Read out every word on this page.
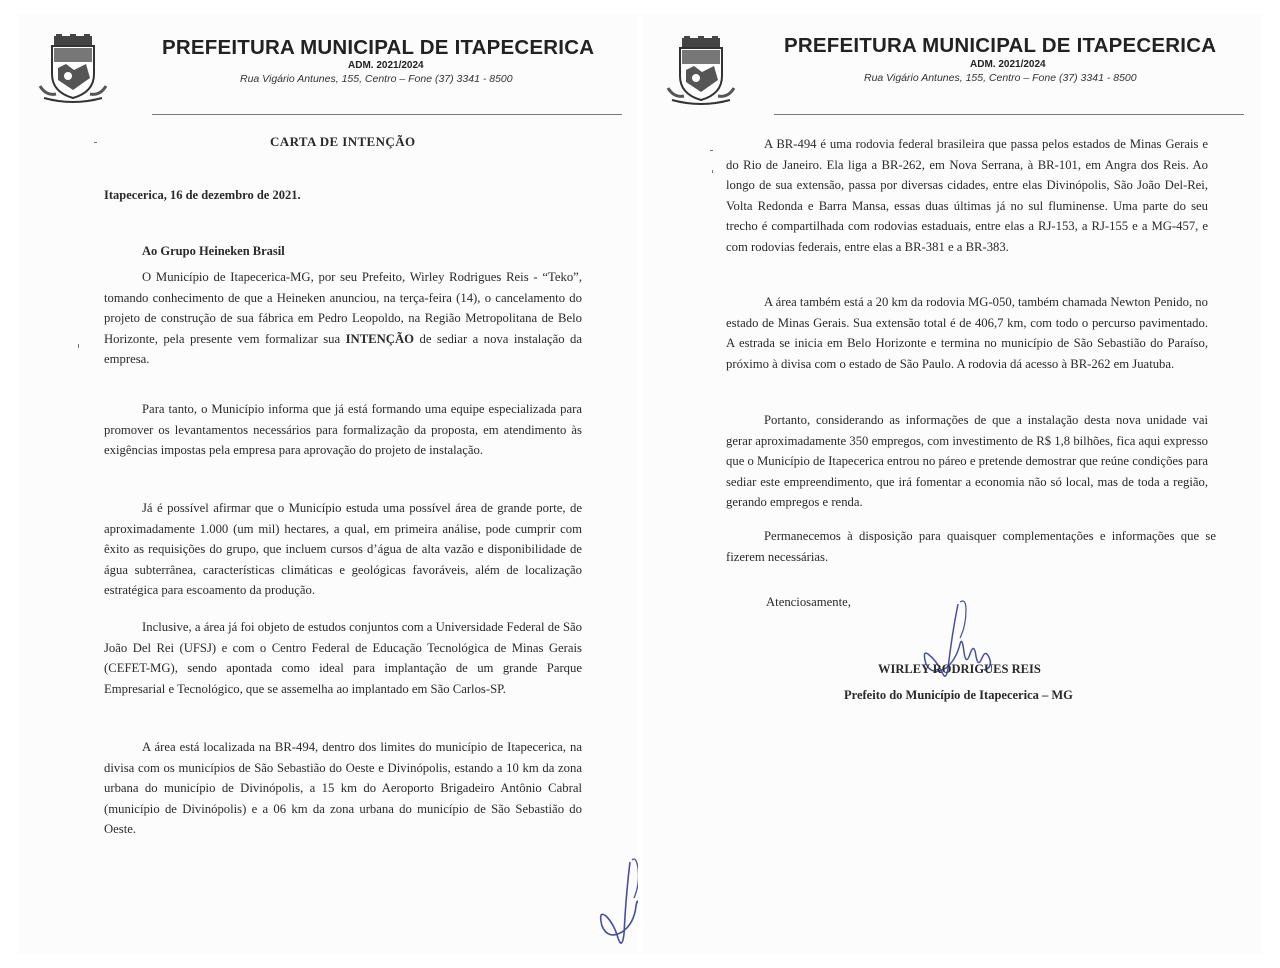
PREFEITURA MUNICIPAL DE ITAPECERICA
ADM. 2021/2024
Rua Vigário Antunes, 155, Centro – Fone (37) 3341 - 8500
CARTA DE INTENÇÃO
Itapecerica, 16 de dezembro de 2021.
Ao Grupo Heineken Brasil

O Município de Itapecerica-MG, por seu Prefeito, Wirley Rodrigues Reis - “Teko”, tomando conhecimento de que a Heineken anunciou, na terça-feira (14), o cancelamento do projeto de construção de sua fábrica em Pedro Leopoldo, na Região Metropolitana de Belo Horizonte, pela presente vem formalizar sua INTENÇÃO de sediar a nova instalação da empresa.

Para tanto, o Município informa que já está formando uma equipe especializada para promover os levantamentos necessários para formalização da proposta, em atendimento às exigências impostas pela empresa para aprovação do projeto de instalação.

Já é possível afirmar que o Município estuda uma possível área de grande porte, de aproximadamente 1.000 (um mil) hectares, a qual, em primeira análise, pode cumprir com êxito as requisições do grupo, que incluem cursos d’água de alta vazão e disponibilidade de água subterrânea, características climáticas e geológicas favoráveis, além de localização estratégica para escoamento da produção.

Inclusive, a área já foi objeto de estudos conjuntos com a Universidade Federal de São João Del Rei (UFSJ) e com o Centro Federal de Educação Tecnológica de Minas Gerais (CEFET-MG), sendo apontada como ideal para implantação de um grande Parque Empresarial e Tecnológico, que se assemelha ao implantado em São Carlos-SP.

A área está localizada na BR-494, dentro dos limites do município de Itapecerica, na divisa com os municípios de São Sebastião do Oeste e Divinópolis, estando a 10 km da zona urbana do município de Divinópolis, a 15 km do Aeroporto Brigadeiro Antônio Cabral (município de Divinópolis) e a 06 km da zona urbana do município de São Sebastião do Oeste.

PREFEITURA MUNICIPAL DE ITAPECERICA
ADM. 2021/2024
Rua Vigário Antunes, 155, Centro – Fone (37) 3341 - 8500

A BR-494 é uma rodovia federal brasileira que passa pelos estados de Minas Gerais e do Rio de Janeiro. Ela liga a BR-262, em Nova Serrana, à BR-101, em Angra dos Reis. Ao longo de sua extensão, passa por diversas cidades, entre elas Divinópolis, São João Del-Rei, Volta Redonda e Barra Mansa, essas duas últimas já no sul fluminense. Uma parte do seu trecho é compartilhada com rodovias estaduais, entre elas a RJ-153, a RJ-155 e a MG-457, e com rodovias federais, entre elas a BR-381 e a BR-383.

A área também está a 20 km da rodovia MG-050, também chamada Newton Penido, no estado de Minas Gerais. Sua extensão total é de 406,7 km, com todo o percurso pavimentado. A estrada se inicia em Belo Horizonte e termina no município de São Sebastião do Paraíso, próximo à divisa com o estado de São Paulo. A rodovia dá acesso à BR-262 em Juatuba.

Portanto, considerando as informações de que a instalação desta nova unidade vai gerar aproximadamente 350 empregos, com investimento de R$ 1,8 bilhões, fica aqui expresso que o Município de Itapecerica entrou no páreo e pretende demostrar que reúne condições para sediar este empreendimento, que irá fomentar a economia não só local, mas de toda a região, gerando empregos e renda.

Permanecemos à disposição para quaisquer complementações e informações que se fizerem necessárias.

Atenciosamente,
WIRLEY RODRIGUES REIS
Prefeito do Município de Itapecerica – MG
